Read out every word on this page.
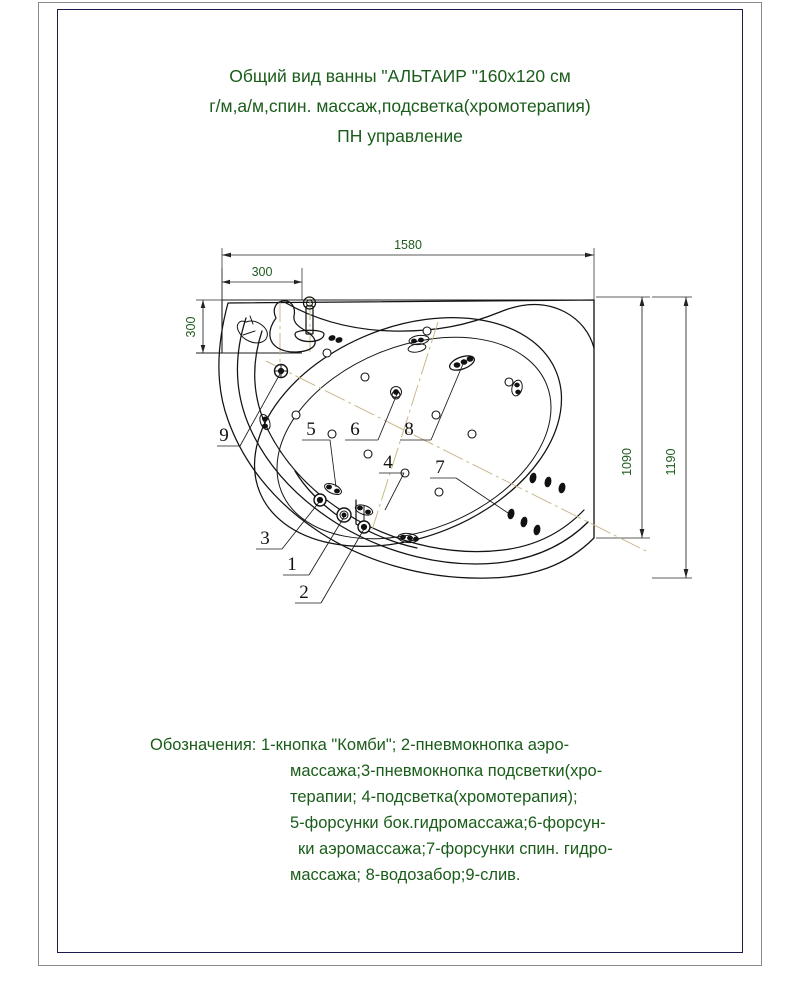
Общий вид ванны "АЛЬТАИР "160х120 см
г/м,а/м,спин. массаж,подсветка(хромотерапия)
ПН управление
1580
300
300
1090 1190
9	5 6 8
4 7
3
1
2
Обозначения: 1-кнопка "Комби"; 2-пневмокнопка аэро-
массажа;3-пневмокнопка подсветки(хро-
терапии; 4-подсветка(хромотерапия);
5-форсунки бок.гидромассажа;6-форсун-
ки аэромассажа;7-форсунки спин. гидро-
массажа; 8-водозабор;9-слив.
